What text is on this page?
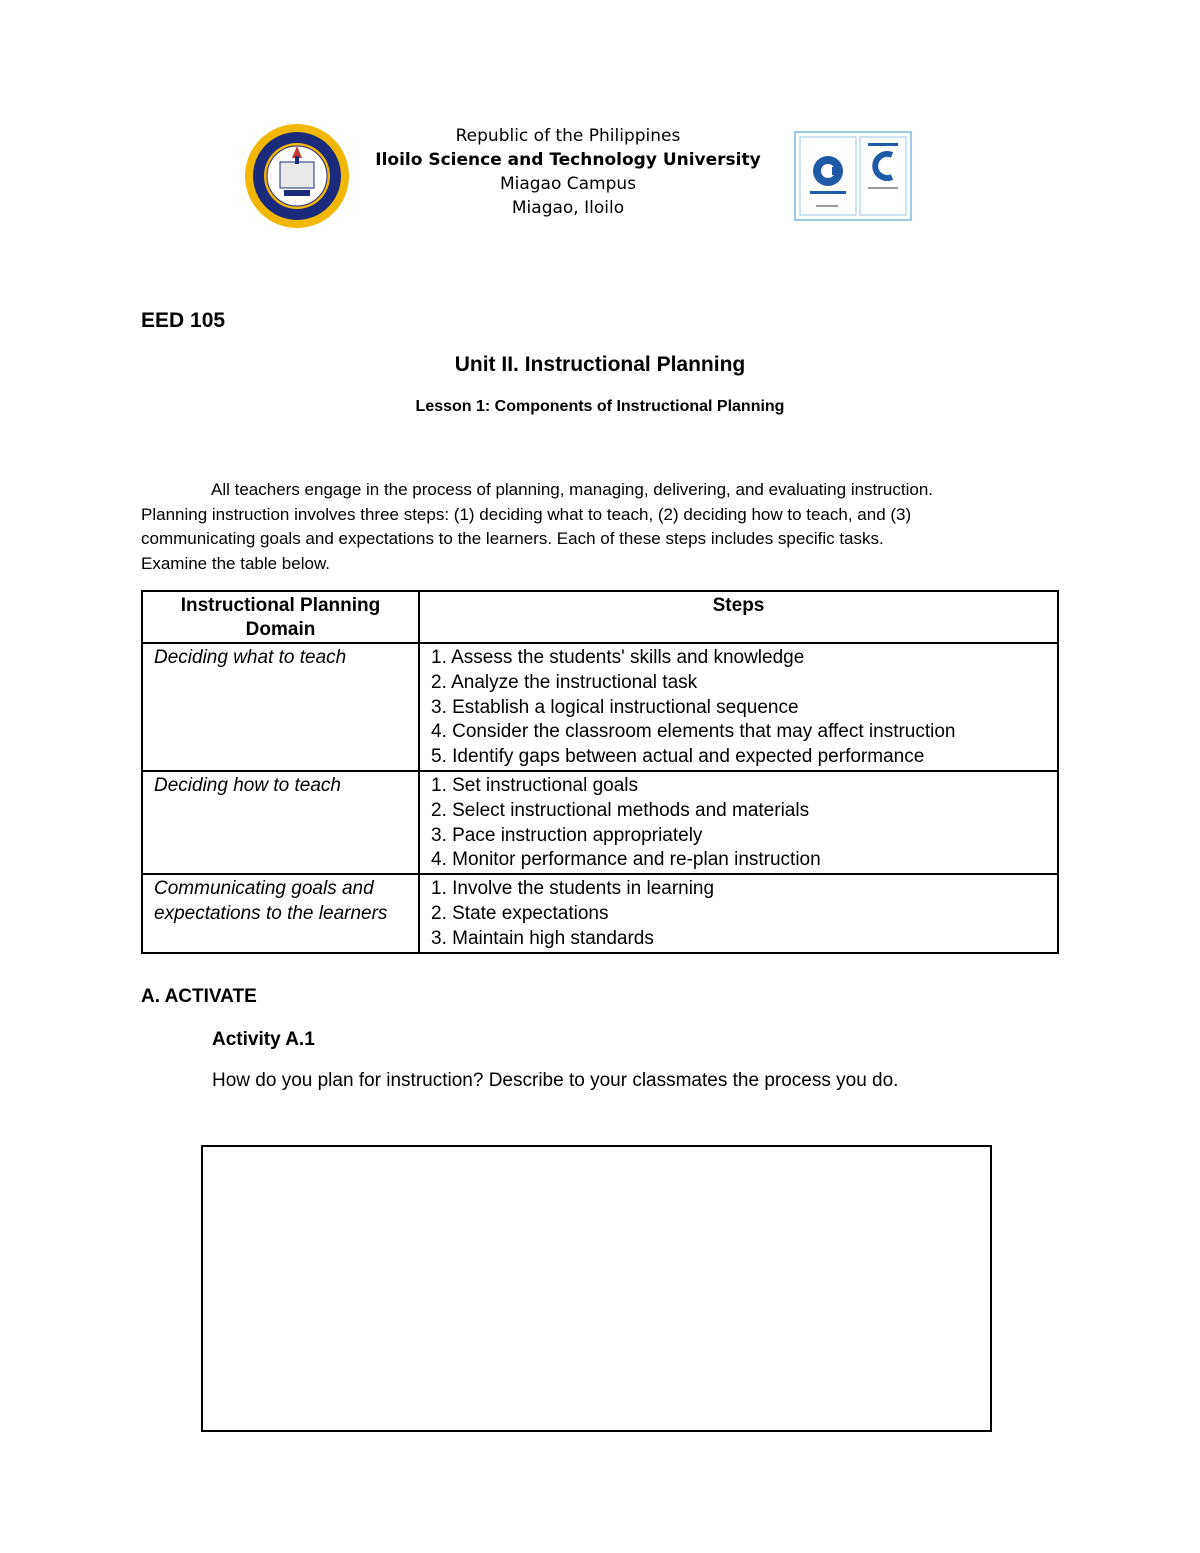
Republic of the Philippines
Iloilo Science and Technology University
Miagao Campus
Miagao, Iloilo
EED 105
Unit II. Instructional Planning
Lesson 1: Components of Instructional Planning
All teachers engage in the process of planning, managing, delivering, and evaluating instruction.
Planning instruction involves three steps: (1) deciding what to teach, (2) deciding how to teach, and (3)
communicating goals and expectations to the learners. Each of these steps includes specific tasks.
Examine the table below.
Instructional Planning Domain	Steps
Deciding what to teach	1. Assess the students' skills and knowledge
2. Analyze the instructional task
3. Establish a logical instructional sequence
4. Consider the classroom elements that may affect instruction
5. Identify gaps between actual and expected performance

Deciding how to teach	1. Set instructional goals
2. Select instructional methods and materials
3. Pace instruction appropriately
4. Monitor performance and re-plan instruction

Communicating goals and expectations to the learners	1. Involve the students in learning
2. State expectations
3. Maintain high standards
A. ACTIVATE
Activity A.1
How do you plan for instruction? Describe to your classmates the process you do.
